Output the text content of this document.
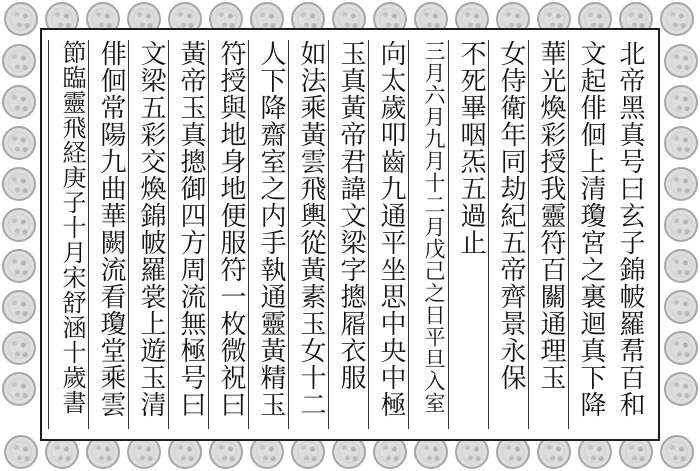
北帝黑真号曰玄子錦帔羅帬百和
文起俳佪上清瓊宮之裏迴真下降
華光煥彩授我靈符百關通理玉
女侍衛年同劫紀五帝齊景永保
不死畢咽炁五過止
三月六月九月十二月戊己之日平旦入室
向太歲叩齒九通平坐思中央中極
玉真黃帝君諱文梁字摠㞛衣服
如法乘黃雲飛輿從黃素玉女十二
人下降齋室之内手執通靈黃精玉
符授與地身地便服符一枚微祝曰
黃帝玉真摠御四方周流無極号曰
文梁五彩交煥錦帔羅裳上遊玉清
俳佪常陽九曲華闕流看瓊堂乘雲
節臨靈飛経庚子十月宋舒涵十歲書
